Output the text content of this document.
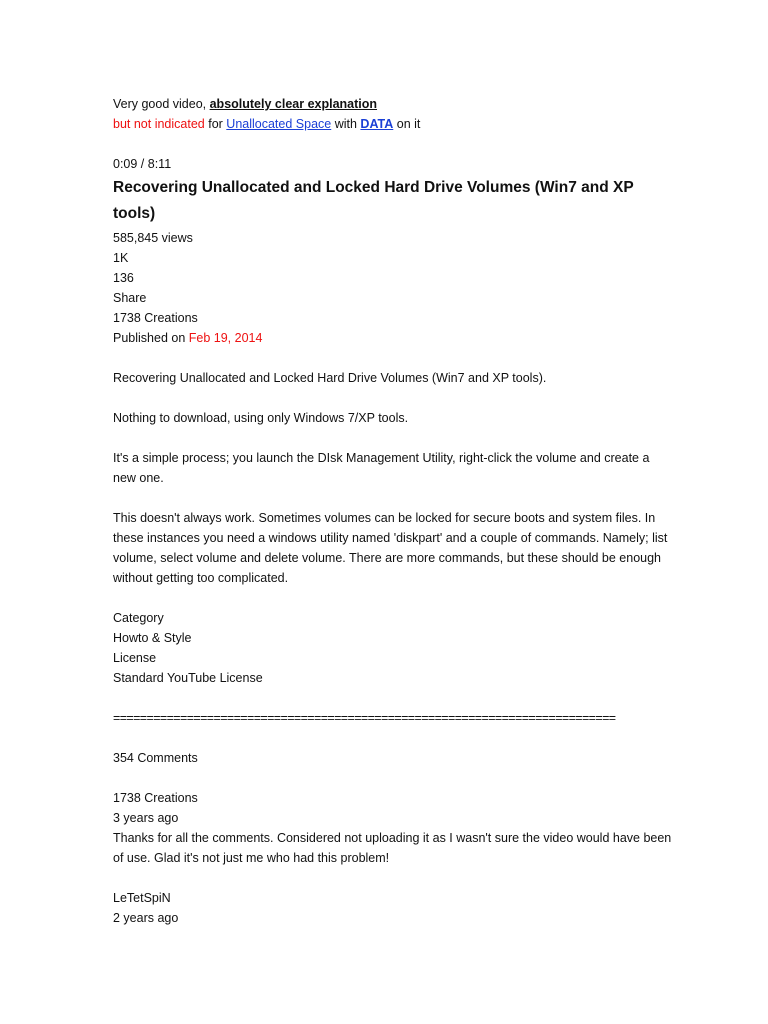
Very good video, absolutely clear explanation
but not indicated for Unallocated Space with DATA on it
0:09 / 8:11
Recovering Unallocated and Locked Hard Drive Volumes (Win7 and XP tools)
585,845 views
1K
136
Share
1738 Creations
Published on Feb 19, 2014
Recovering Unallocated and Locked Hard Drive Volumes (Win7 and XP tools).
Nothing to download, using only Windows 7/XP tools.
It's a simple process; you launch the DIsk Management Utility, right-click the volume and create a new one.
This doesn't always work. Sometimes volumes can be locked for secure boots and system files. In these instances you need a windows utility named 'diskpart' and a couple of commands. Namely; list volume, select volume and delete volume. There are more commands, but these should be enough without getting too complicated.
Category
Howto & Style
License
Standard YouTube License
===========================================================================
354 Comments
1738 Creations
3 years ago
Thanks for all the comments. Considered not uploading it as I wasn't sure the video would have been of use. Glad it's not just me who had this problem!
LeTetSpiN
2 years ago
